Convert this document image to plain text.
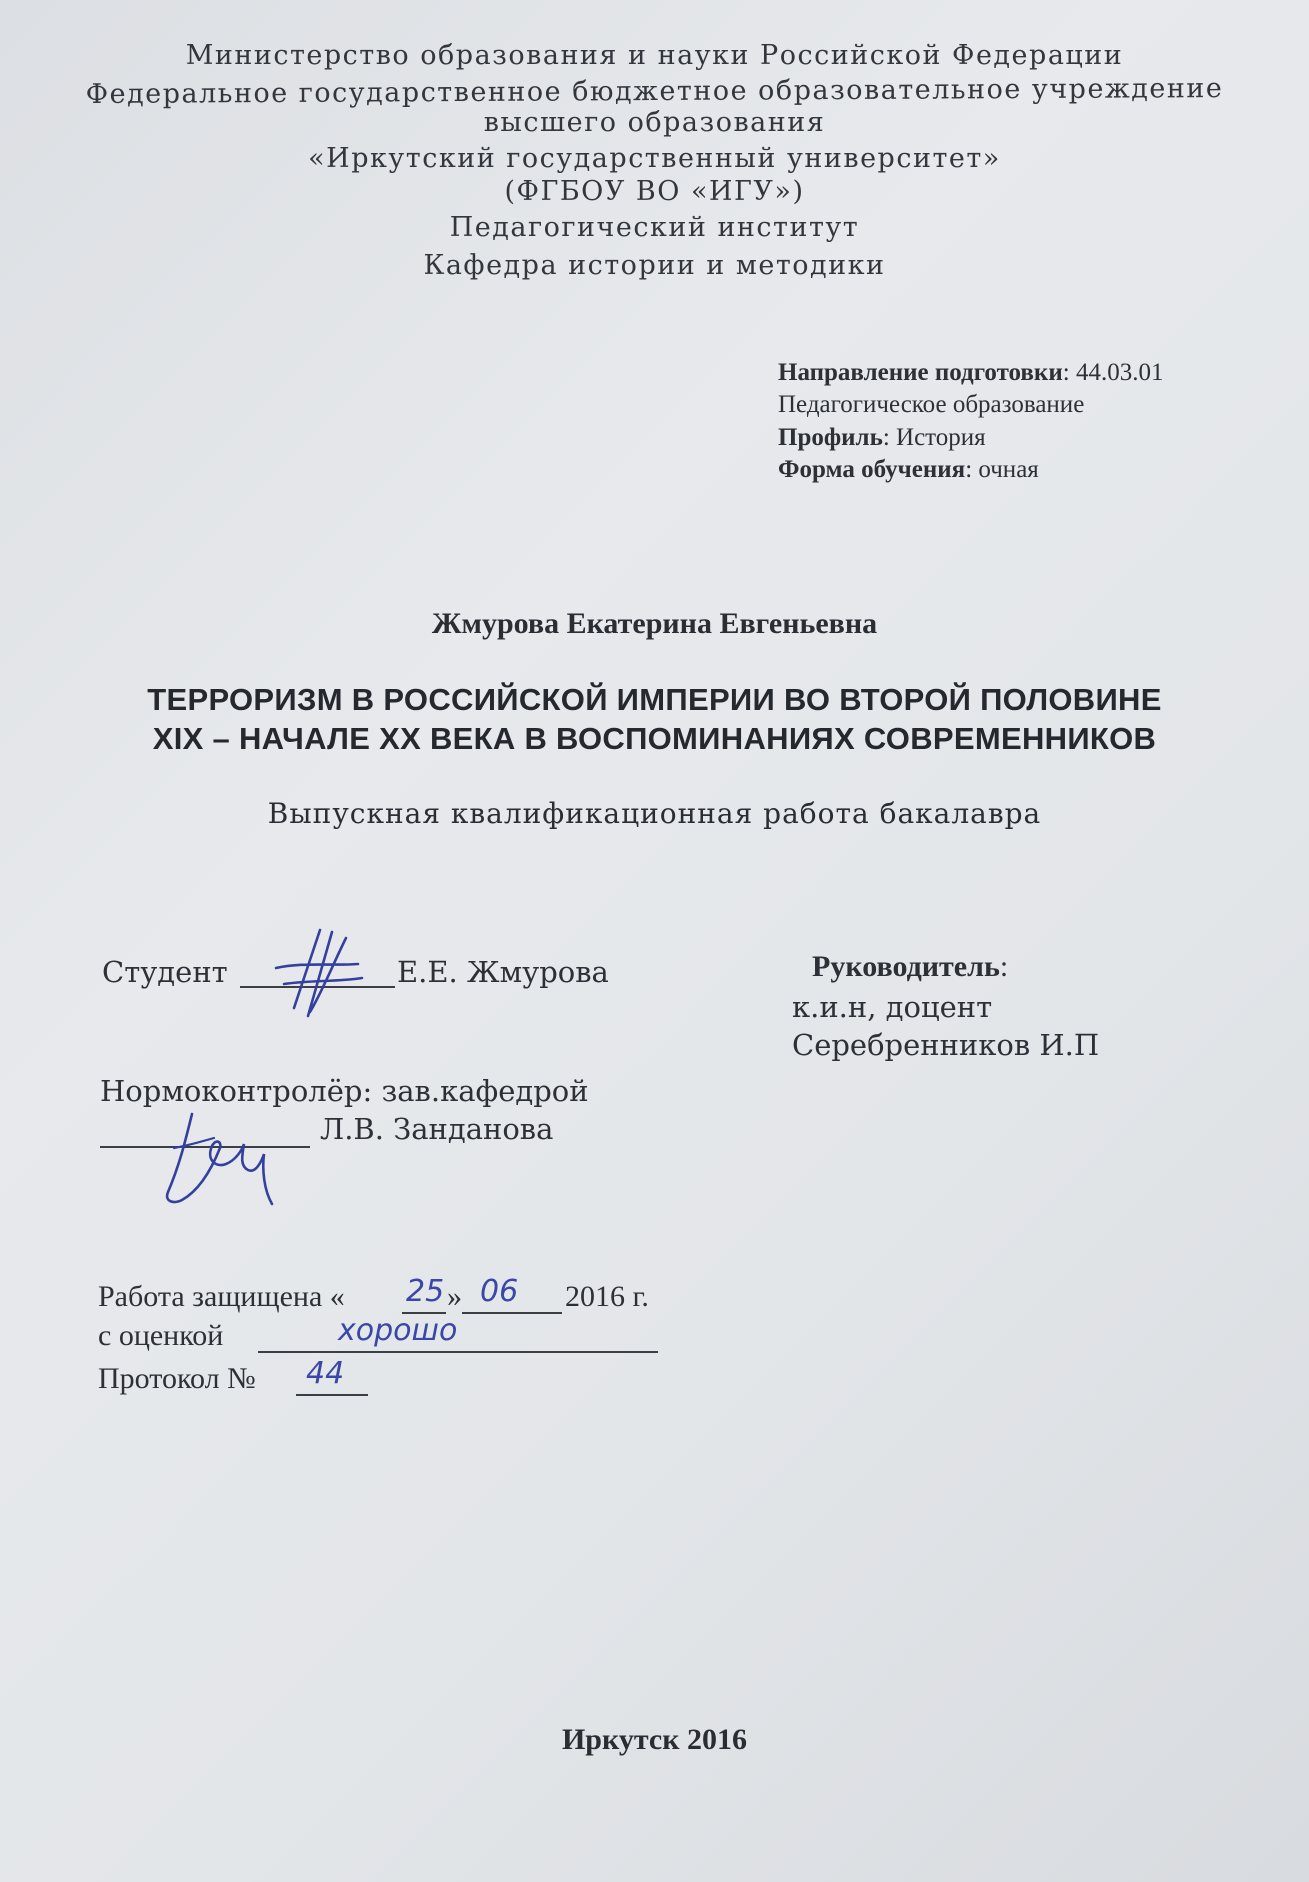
Министерство образования и науки Российской Федерации
Федеральное государственное бюджетное образовательное учреждение
высшего образования
«Иркутский государственный университет»
(ФГБОУ ВО «ИГУ»)
Педагогический институт
Кафедра истории и методики
Направление подготовки: 44.03.01
Педагогическое образование
Профиль: История
Форма обучения: очная
Жмурова Екатерина Евгеньевна
ТЕРРОРИЗМ В РОССИЙСКОЙ ИМПЕРИИ ВО ВТОРОЙ ПОЛОВИНЕ
XIX – НАЧАЛЕ XX ВЕКА В ВОСПОМИНАНИЯХ СОВРЕМЕННИКОВ
Выпускная квалификационная работа бакалавра
Студент	Е.Е. Жмурова	Руководитель:
к.и.н, доцент
Серебренников И.П
Нормоконтролёр: зав.кафедрой
Л.В. Занданова
Работа защищена « 25 » 06 2016 г.
с оценкой	хорошо
Протокол № 44
Иркутск 2016
